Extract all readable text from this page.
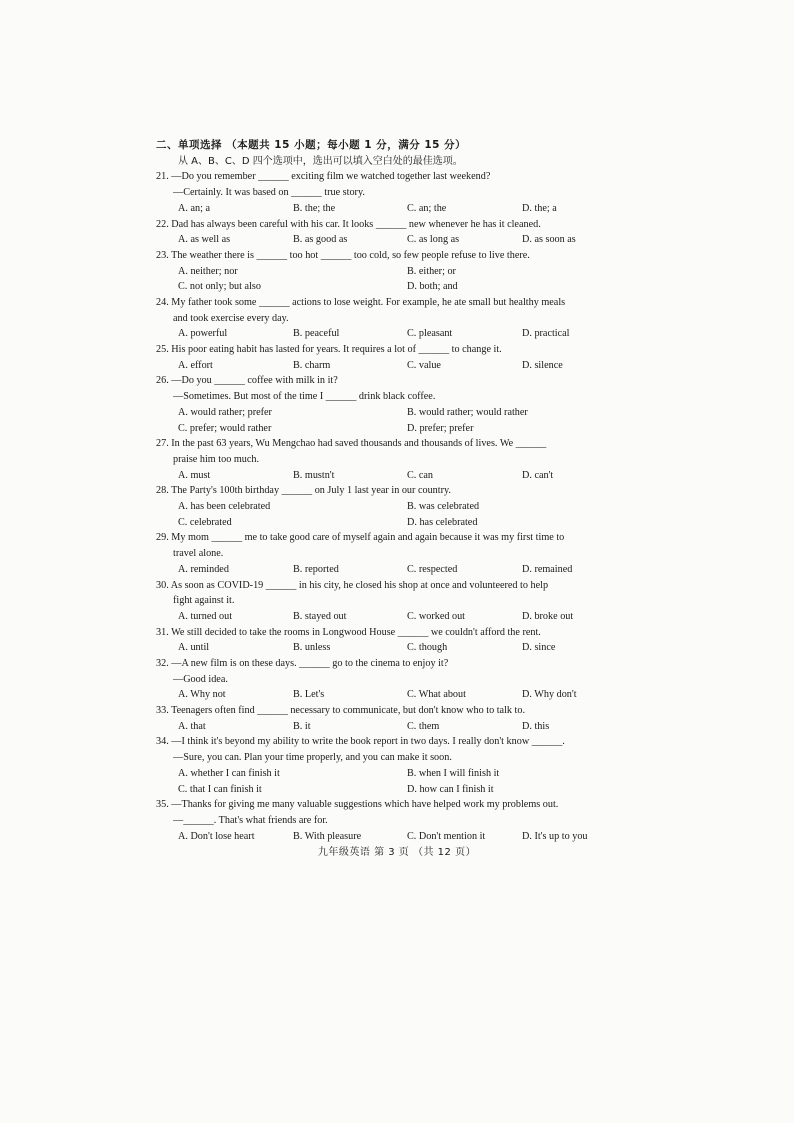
二、单项选择 （本题共 15 小题；每小题 1 分，满分 15 分）
从 A、B、C、D 四个选项中，选出可以填入空白处的最佳选项。
21. —Do you remember ______ exciting film we watched together last weekend?
—Certainly. It was based on ______ true story.
A. an; a	B. the; the	C. an; the	D. the; a
22. Dad has always been careful with his car. It looks ______ new whenever he has it cleaned.
A. as well as	B. as good as	C. as long as	D. as soon as
23. The weather there is ______ too hot ______ too cold, so few people refuse to live there.
A. neither; nor	B. either; or
C. not only; but also	D. both; and
24. My father took some ______ actions to lose weight. For example, he ate small but healthy meals
and took exercise every day.
A. powerful	B. peaceful	C. pleasant	D. practical
25. His poor eating habit has lasted for years. It requires a lot of ______ to change it.
A. effort	B. charm	C. value	D. silence
26. —Do you ______ coffee with milk in it?
—Sometimes. But most of the time I ______ drink black coffee.
A. would rather; prefer	B. would rather; would rather
C. prefer; would rather	D. prefer; prefer
27. In the past 63 years, Wu Mengchao had saved thousands and thousands of lives. We ______
praise him too much.
A. must	B. mustn't	C. can	D. can't
28. The Party's 100th birthday ______ on July 1 last year in our country.
A. has been celebrated	B. was celebrated
C. celebrated	D. has celebrated
29. My mom ______ me to take good care of myself again and again because it was my first time to
travel alone.
A. reminded	B. reported	C. respected	D. remained
30. As soon as COVID-19 ______ in his city, he closed his shop at once and volunteered to help
fight against it.
A. turned out	B. stayed out	C. worked out	D. broke out
31. We still decided to take the rooms in Longwood House ______ we couldn't afford the rent.
A. until	B. unless	C. though	D. since
32. —A new film is on these days. ______ go to the cinema to enjoy it?
—Good idea.
A. Why not	B. Let's	C. What about	D. Why don't
33. Teenagers often find ______ necessary to communicate, but don't know who to talk to.
A. that	B. it	C. them	D. this
34. —I think it's beyond my ability to write the book report in two days. I really don't know ______.
—Sure, you can. Plan your time properly, and you can make it soon.
A. whether I can finish it	B. when I will finish it
C. that I can finish it	D. how can I finish it
35. —Thanks for giving me many valuable suggestions which have helped work my problems out.
—______. That's what friends are for.
A. Don't lose heart	B. With pleasure	C. Don't mention it	D. It's up to you
九年级英语 第 3 页 （共 12 页）
